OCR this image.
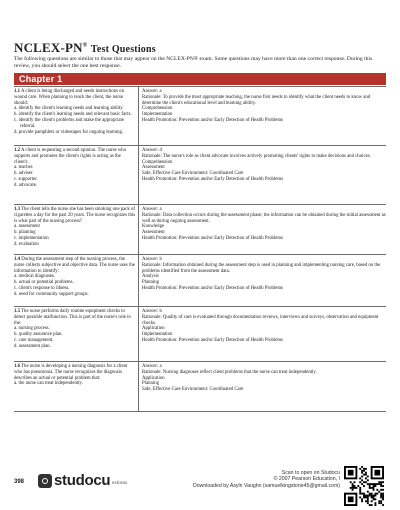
NCLEX-PN® Test Questions
The following questions are similar to those that may appear on the NCLEX-PN® exam. Some questions may have more than one correct response. During this review, you should select the one best response.
Chapter 1
1.1 A client is being discharged and needs instructions on wound care. When planning to teach the client, the nurse should:
a. identify the client's learning needs and learning ability.
b. identify the client's learning needs and relevant basic facts.
c. identify the client's problems and make the appropriate referral.
d. provide pamphlets or videotapes for ongoing learning.
Answer: a
Rationale: To provide the most appropriate teaching, the nurse first needs to identify what the client needs to know and determine the client's educational level and learning ability.
Comprehension
Implementation
Health Promotion: Prevention and/or Early Detection of Health Problems
1.2 A client is requesting a second opinion. The nurse who supports and promotes the client's rights is acting as the client's:
a. teacher.
b. adviser.
c. supporter.
d. advocate.
Answer: d
Rationale: The nurse's role as client advocate involves actively promoting clients' rights to make decisions and choices.
Comprehension
Assessment
Safe, Effective Care Environment: Coordinated Care
Health Promotion: Prevention and/or Early Detection of Health Problems
1.3 The client tells the nurse she has been smoking one pack of cigarettes a day for the past 20 years. The nurse recognizes this is what part of the nursing process?
a. assessment
b. planning
c. implementation
d. evaluation
Answer: a
Rationale: Data collection occurs during the assessment phase; the information can be obtained during the initial assessment as well as during ongoing assessment.
Knowledge
Assessment
Health Promotion: Prevention and/or Early Detection of Health Problems
1.4 During the assessment step of the nursing process, the nurse collects subjective and objective data. The nurse uses the information to identify:
a. medical diagnoses.
b. actual or potential problems.
c. client's response to illness.
d. need for community support groups.
Answer: b
Rationale: Information obtained during the assessment step is used in planning and implementing nursing care, based on the problems identified from the assessment data.
Analysis
Planning
Health Promotion: Prevention and/or Early Detection of Health Problems
1.5 The nurse performs daily routine equipment checks to detect possible malfunction. This is part of the nurse's role in the:
a. nursing process.
b. quality assurance plan.
c. care management.
d. assessment plan.
Answer: b
Rationale: Quality of care is evaluated through documentation reviews, interviews and surveys, observation and equipment checks.
Application
Implementation
Health Promotion: Prevention and/or Early Detection of Health Problems
1.6 The nurse is developing a nursing diagnosis for a client who has pneumonia. The nurse recognizes the diagnosis describes an actual or potential problem that:
a. the nurse can treat independently.
Answer: a
Rationale: Nursing diagnoses reflect client problems that the nurse can treat independently.
Application
Planning
Safe, Effective Care Environment: Coordinated Care
398 studocu estions
Scan to open on Studocu
© 2007 Pearson Education, I
Downloaded by Asyln Vaughn (samuelkingstone45@gmail.com)
